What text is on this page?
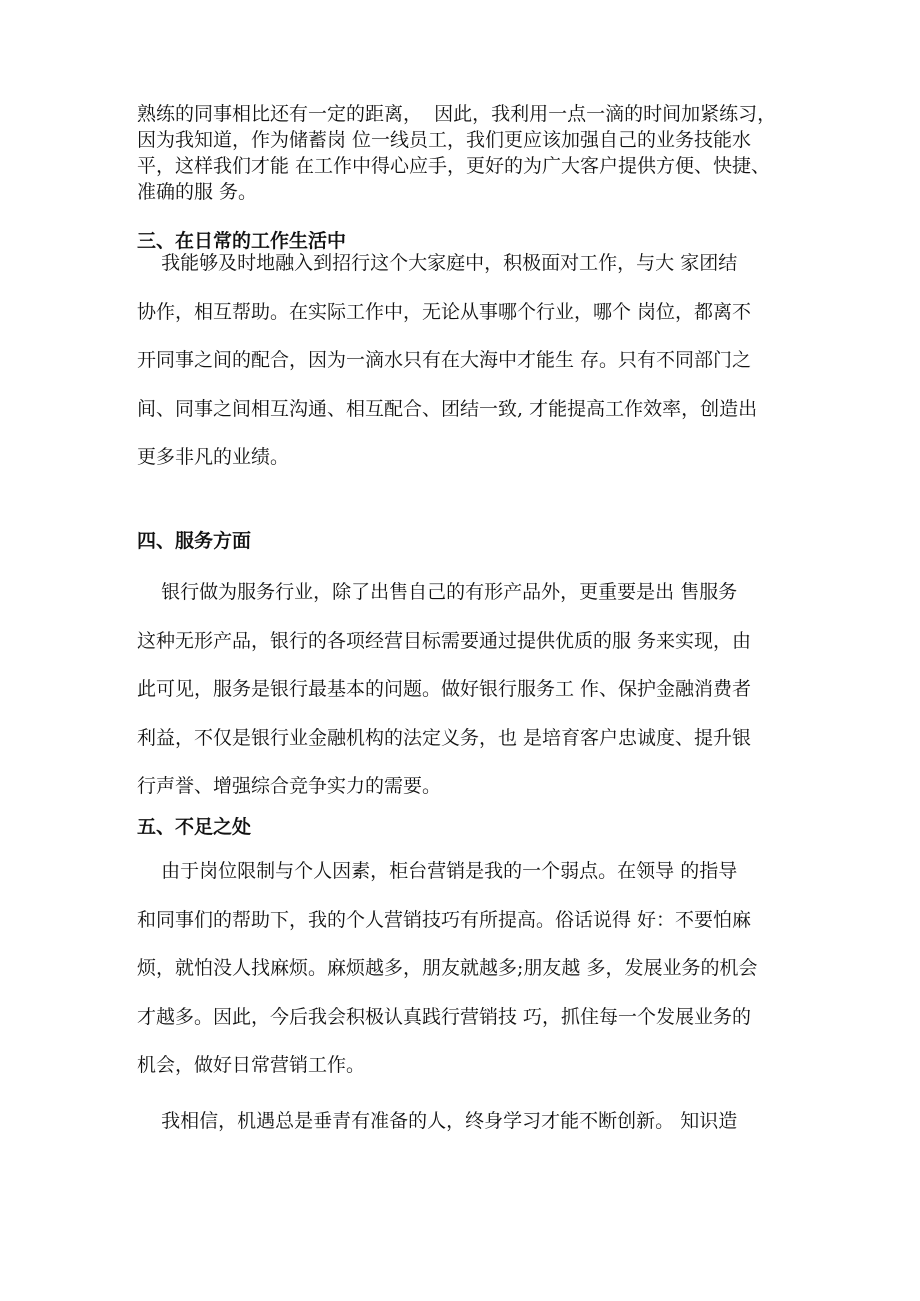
熟练的同事相比还有一定的距离，  因此，我利用一点一滴的时间加紧练习，
因为我知道，作为储蓄岗 位一线员工，我们更应该加强自己的业务技能水
平，这样我们才能 在工作中得心应手，更好的为广大客户提供方便、快捷、
准确的服 务。
三、在日常的工作生活中
我能够及时地融入到招行这个大家庭中，积极面对工作，与大 家团结
协作，相互帮助。在实际工作中，无论从事哪个行业，哪个 岗位，都离不
开同事之间的配合，因为一滴水只有在大海中才能生 存。只有不同部门之
间、同事之间相互沟通、相互配合、团结一致, 才能提高工作效率，创造出
更多非凡的业绩。
四、服务方面
银行做为服务行业，除了出售自己的有形产品外，更重要是出 售服务
这种无形产品，银行的各项经营目标需要通过提供优质的服 务来实现，由
此可见，服务是银行最基本的问题。做好银行服务工 作、保护金融消费者
利益，不仅是银行业金融机构的法定义务，也 是培育客户忠诚度、提升银
行声誉、增强综合竞争实力的需要。
五、不足之处
由于岗位限制与个人因素，柜台营销是我的一个弱点。在领导 的指导
和同事们的帮助下，我的个人营销技巧有所提高。俗话说得 好：不要怕麻
烦，就怕没人找麻烦。麻烦越多，朋友就越多;朋友越 多，发展业务的机会
才越多。因此，今后我会积极认真践行营销技 巧，抓住每一个发展业务的
机会，做好日常营销工作。
我相信，机遇总是垂青有准备的人，终身学习才能不断创新。 知识造
